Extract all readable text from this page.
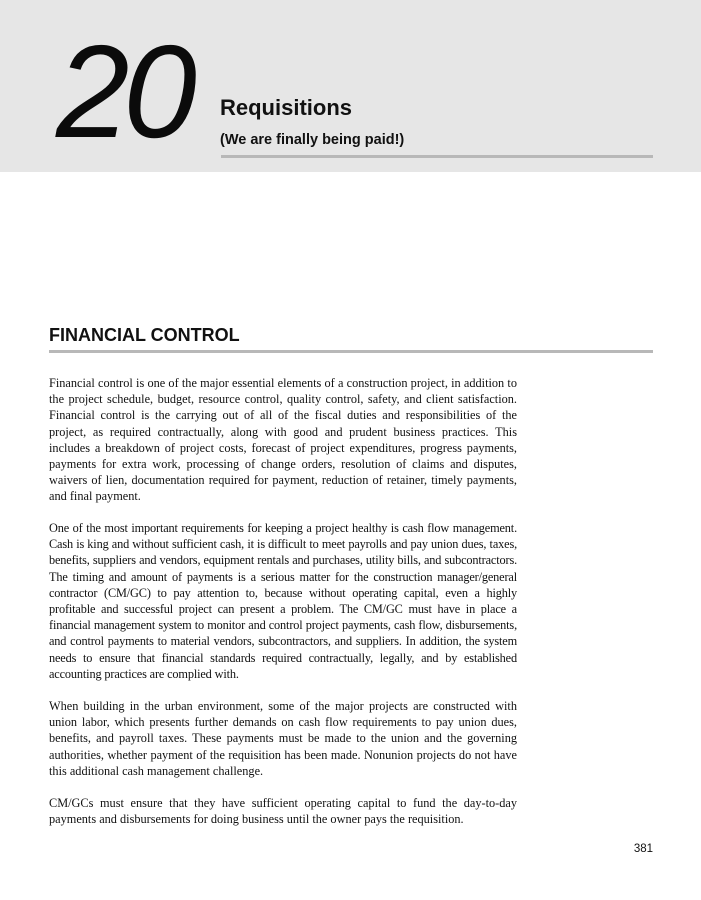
20 Requisitions
(We are finally being paid!)
FINANCIAL CONTROL

Financial control is one of the major essential elements of a construction project, in addition to the project schedule, budget, resource control, quality control, safety, and client satisfaction. Financial control is the carrying out of all of the fiscal duties and responsibilities of the project, as required contractually, along with good and prudent business practices. This includes a breakdown of project costs, forecast of project expenditures, progress payments, payments for extra work, processing of change orders, resolution of claims and disputes, waivers of lien, documentation required for payment, reduction of retainer, timely payments, and final payment.

One of the most important requirements for keeping a project healthy is cash flow management. Cash is king and without sufficient cash, it is difficult to meet payrolls and pay union dues, taxes, benefits, suppliers and vendors, equipment rentals and purchases, utility bills, and subcontractors. The timing and amount of payments is a serious matter for the construction manager/general contractor (CM/GC) to pay attention to, because without operating capital, even a highly profitable and successful project can present a problem. The CM/GC must have in place a financial management system to monitor and control project payments, cash flow, disbursements, and control payments to material vendors, subcontractors, and suppliers. In addition, the system needs to ensure that financial standards required contractually, legally, and by established accounting practices are complied with.

When building in the urban environment, some of the major projects are constructed with union labor, which presents further demands on cash flow requirements to pay union dues, benefits, and payroll taxes. These payments must be made to the union and the governing authorities, whether payment of the requisition has been made. Nonunion projects do not have this additional cash management challenge.

CM/GCs must ensure that they have sufficient operating capital to fund the day-to-day payments and disbursements for doing business until the owner pays the requisition.

381
